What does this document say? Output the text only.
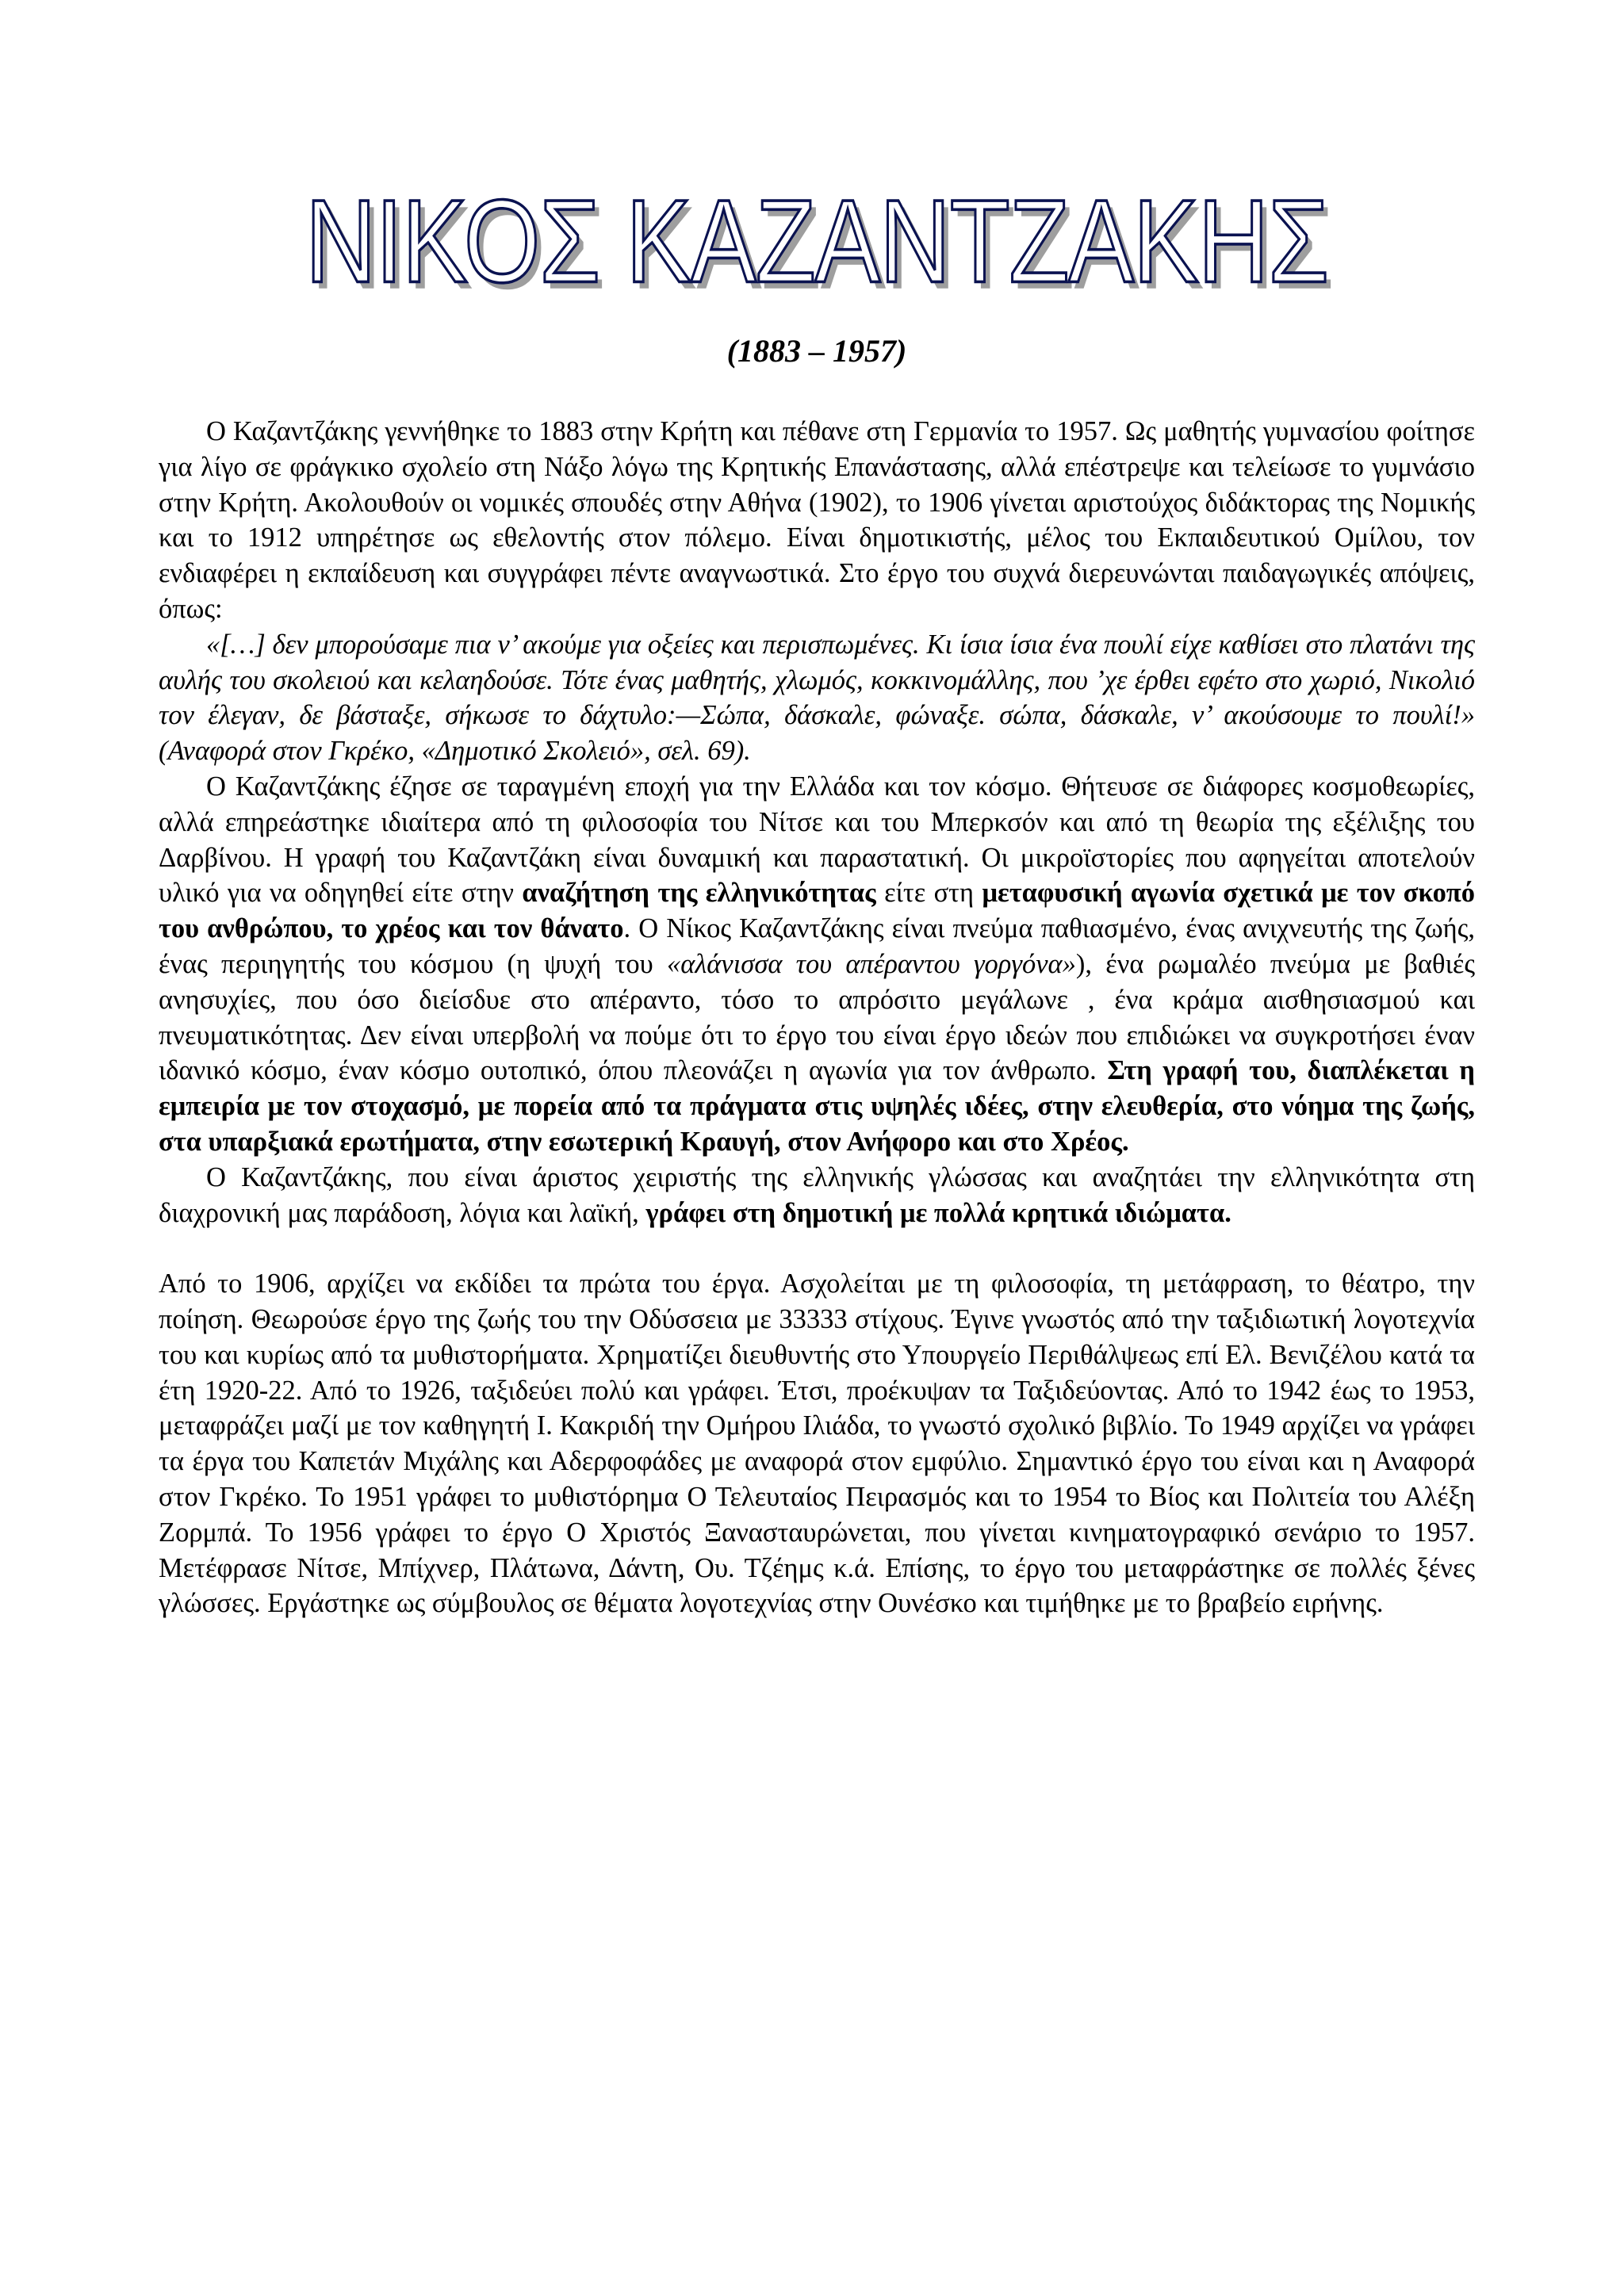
ΝΙΚΟΣ ΚΑΖΑΝΤΖΑΚΗΣ
(1883 – 1957)

Ο Καζαντζάκης γεννήθηκε το 1883 στην Κρήτη και πέθανε στη Γερμανία το 1957. Ως μαθητής γυμνασίου φοίτησε για λίγο σε φράγκικο σχολείο στη Νάξο λόγω της Κρητικής Επανάστασης, αλλά επέστρεψε και τελείωσε το γυμνάσιο στην Κρήτη. Ακολουθούν οι νομικές σπουδές στην Αθήνα (1902), το 1906 γίνεται αριστούχος διδάκτορας της Νομικής και το 1912 υπηρέτησε ως εθελοντής στον πόλεμο. Είναι δημοτικιστής, μέλος του Εκπαιδευτικού Ομίλου, τον ενδιαφέρει η εκπαίδευση και συγγράφει πέντε αναγνωστικά. Στο έργο του συχνά διερευνώνται παιδαγωγικές απόψεις, όπως:

«[…] δεν μπορούσαμε πια ν’ ακούμε για οξείες και περισπωμένες. Κι ίσια ίσια ένα πουλί είχε καθίσει στο πλατάνι της αυλής του σκολειού και κελαηδούσε. Τότε ένας μαθητής, χλωμός, κοκκινομάλλης, που ’χε έρθει εφέτο στο χωριό, Νικολιό τον έλεγαν, δε βάσταξε, σήκωσε το δάχτυλο:—Σώπα, δάσκαλε, φώναξε. σώπα, δάσκαλε, ν’ ακούσουμε το πουλί!» (Αναφορά στον Γκρέκο, «Δημοτικό Σκολειό», σελ. 69).

Ο Καζαντζάκης έζησε σε ταραγμένη εποχή για την Ελλάδα και τον κόσμο. Θήτευσε σε διάφορες κοσμοθεωρίες, αλλά επηρεάστηκε ιδιαίτερα από τη φιλοσοφία του Νίτσε και του Μπερκσόν και από τη θεωρία της εξέλιξης του Δαρβίνου. Η γραφή του Καζαντζάκη είναι δυναμική και παραστατική. Οι μικροϊστορίες που αφηγείται αποτελούν υλικό για να οδηγηθεί είτε στην αναζήτηση της ελληνικότητας είτε στη μεταφυσική αγωνία σχετικά με τον σκοπό του ανθρώπου, το χρέος και τον θάνατο. Ο Νίκος Καζαντζάκης είναι πνεύμα παθιασμένο, ένας ανιχνευτής της ζωής, ένας περιηγητής του κόσμου (η ψυχή του «αλάνισσα του απέραντου γοργόνα»), ένα ρωμαλέο πνεύμα με βαθιές ανησυχίες, που όσο διείσδυε στο απέραντο, τόσο το απρόσιτο μεγάλωνε , ένα κράμα αισθησιασμού και πνευματικότητας. Δεν είναι υπερβολή να πούμε ότι το έργο του είναι έργο ιδεών που επιδιώκει να συγκροτήσει έναν ιδανικό κόσμο, έναν κόσμο ουτοπικό, όπου πλεονάζει η αγωνία για τον άνθρωπο. Στη γραφή του, διαπλέκεται η εμπειρία με τον στοχασμό, με πορεία από τα πράγματα στις υψηλές ιδέες, στην ελευθερία, στο νόημα της ζωής, στα υπαρξιακά ερωτήματα, στην εσωτερική Κραυγή, στον Ανήφορο και στο Χρέος.

Ο Καζαντζάκης, που είναι άριστος χειριστής της ελληνικής γλώσσας και αναζητάει την ελληνικότητα στη διαχρονική μας παράδοση, λόγια και λαϊκή, γράφει στη δημοτική με πολλά κρητικά ιδιώματα.

Από το 1906, αρχίζει να εκδίδει τα πρώτα του έργα. Ασχολείται με τη φιλοσοφία, τη μετάφραση, το θέατρο, την ποίηση. Θεωρούσε έργο της ζωής του την Οδύσσεια με 33333 στίχους. Έγινε γνωστός από την ταξιδιωτική λογοτεχνία του και κυρίως από τα μυθιστορήματα. Χρηματίζει διευθυντής στο Υπουργείο Περιθάλψεως επί Ελ. Βενιζέλου κατά τα έτη 1920-22. Από το 1926, ταξιδεύει πολύ και γράφει. Έτσι, προέκυψαν τα Ταξιδεύοντας. Από το 1942 έως το 1953, μεταφράζει μαζί με τον καθηγητή Ι. Κακριδή την Ομήρου Ιλιάδα, το γνωστό σχολικό βιβλίο. Το 1949 αρχίζει να γράφει τα έργα του Καπετάν Μιχάλης και Αδερφοφάδες με αναφορά στον εμφύλιο. Σημαντικό έργο του είναι και η Αναφορά στον Γκρέκο. Το 1951 γράφει το μυθιστόρημα Ο Τελευταίος Πειρασμός και το 1954 το Βίος και Πολιτεία του Αλέξη Ζορμπά. Το 1956 γράφει το έργο Ο Χριστός Ξανασταυρώνεται, που γίνεται κινηματογραφικό σενάριο το 1957. Μετέφρασε Νίτσε, Μπίχνερ, Πλάτωνα, Δάντη, Ου. Τζέημς κ.ά. Επίσης, το έργο του μεταφράστηκε σε πολλές ξένες γλώσσες. Εργάστηκε ως σύμβουλος σε θέματα λογοτεχνίας στην Ουνέσκο και τιμήθηκε με το βραβείο ειρήνης.
